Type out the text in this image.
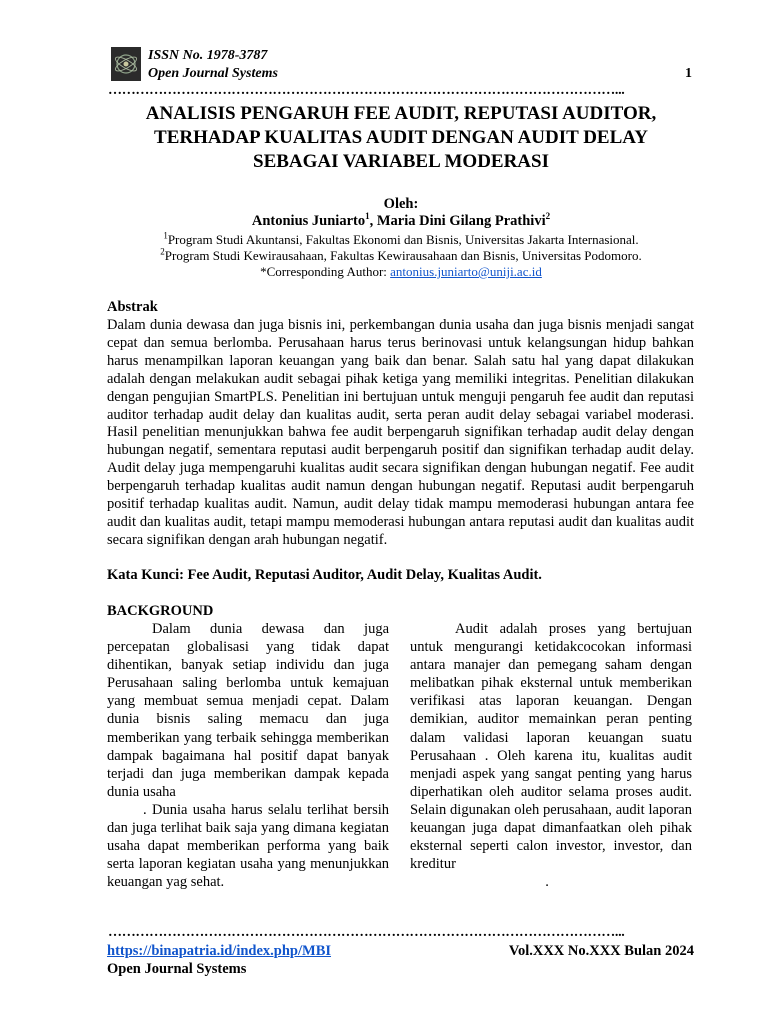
ISSN No. 1978-3787
Open Journal Systems	1
…………………………………………………………………………………………………...
ANALISIS PENGARUH FEE AUDIT, REPUTASI AUDITOR,
TERHADAP KUALITAS AUDIT DENGAN AUDIT DELAY
SEBAGAI VARIABEL MODERASI
Oleh:
Antonius Juniarto$^1$, Maria Dini Gilang Prathivi$^2$
$^1$Program Studi Akuntansi, Fakultas Ekonomi dan Bisnis, Universitas Jakarta Internasional.
$^2$Program Studi Kewirausahaan, Fakultas Kewirausahaan dan Bisnis, Universitas Podomoro.
*Corresponding Author: antonius.juniarto@uniji.ac.id
Abstrak
Dalam dunia dewasa dan juga bisnis ini, perkembangan dunia usaha dan juga bisnis menjadi sangat cepat dan semua berlomba. Perusahaan harus terus berinovasi untuk kelangsungan hidup bahkan harus menampilkan laporan keuangan yang baik dan benar. Salah satu hal yang dapat dilakukan adalah dengan melakukan audit sebagai pihak ketiga yang memiliki integritas. Penelitian dilakukan dengan pengujian SmartPLS. Penelitian ini bertujuan untuk menguji pengaruh fee audit dan reputasi auditor terhadap audit delay dan kualitas audit, serta peran audit delay sebagai variabel moderasi. Hasil penelitian menunjukkan bahwa fee audit berpengaruh signifikan terhadap audit delay dengan hubungan negatif, sementara reputasi audit berpengaruh positif dan signifikan terhadap audit delay. Audit delay juga mempengaruhi kualitas audit secara signifikan dengan hubungan negatif. Fee audit berpengaruh terhadap kualitas audit namun dengan hubungan negatif. Reputasi audit berpengaruh positif terhadap kualitas audit. Namun, audit delay tidak mampu memoderasi hubungan antara fee audit dan kualitas audit, tetapi mampu memoderasi hubungan antara reputasi audit dan kualitas audit secara signifikan dengan arah hubungan negatif.
Kata Kunci: Fee Audit, Reputasi Auditor, Audit Delay, Kualitas Audit.
BACKGROUND

Dalam dunia dewasa dan juga percepatan globalisasi yang tidak dapat dihentikan, banyak setiap individu dan juga Perusahaan saling berlomba untuk kemajuan yang membuat semua menjadi cepat. Dalam dunia bisnis saling memacu dan juga memberikan yang terbaik sehingga memberikan dampak bagaimana hal positif dapat banyak terjadi dan juga memberikan dampak kepada dunia usaha

. Dunia usaha harus selalu terlihat bersih dan juga terlihat baik saja yang dimana kegiatan usaha dapat memberikan performa yang baik serta laporan kegiatan usaha yang menunjukkan keuangan yag sehat.

Audit adalah proses yang bertujuan untuk mengurangi ketidakcocokan informasi antara manajer dan pemegang saham dengan melibatkan pihak eksternal untuk memberikan verifikasi atas laporan keuangan. Dengan demikian, auditor memainkan peran penting dalam validasi laporan keuangan suatu Perusahaan . Oleh karena itu, kualitas audit menjadi aspek yang sangat penting yang harus diperhatikan oleh auditor selama proses audit. Selain digunakan oleh perusahaan, audit laporan keuangan juga dapat dimanfaatkan oleh pihak eksternal seperti calon investor, investor, dan kreditur

.

…………………………………………………………………………………………………...
https://binapatria.id/index.php/MBI	Vol.XXX No.XXX Bulan 2024
Open Journal Systems
